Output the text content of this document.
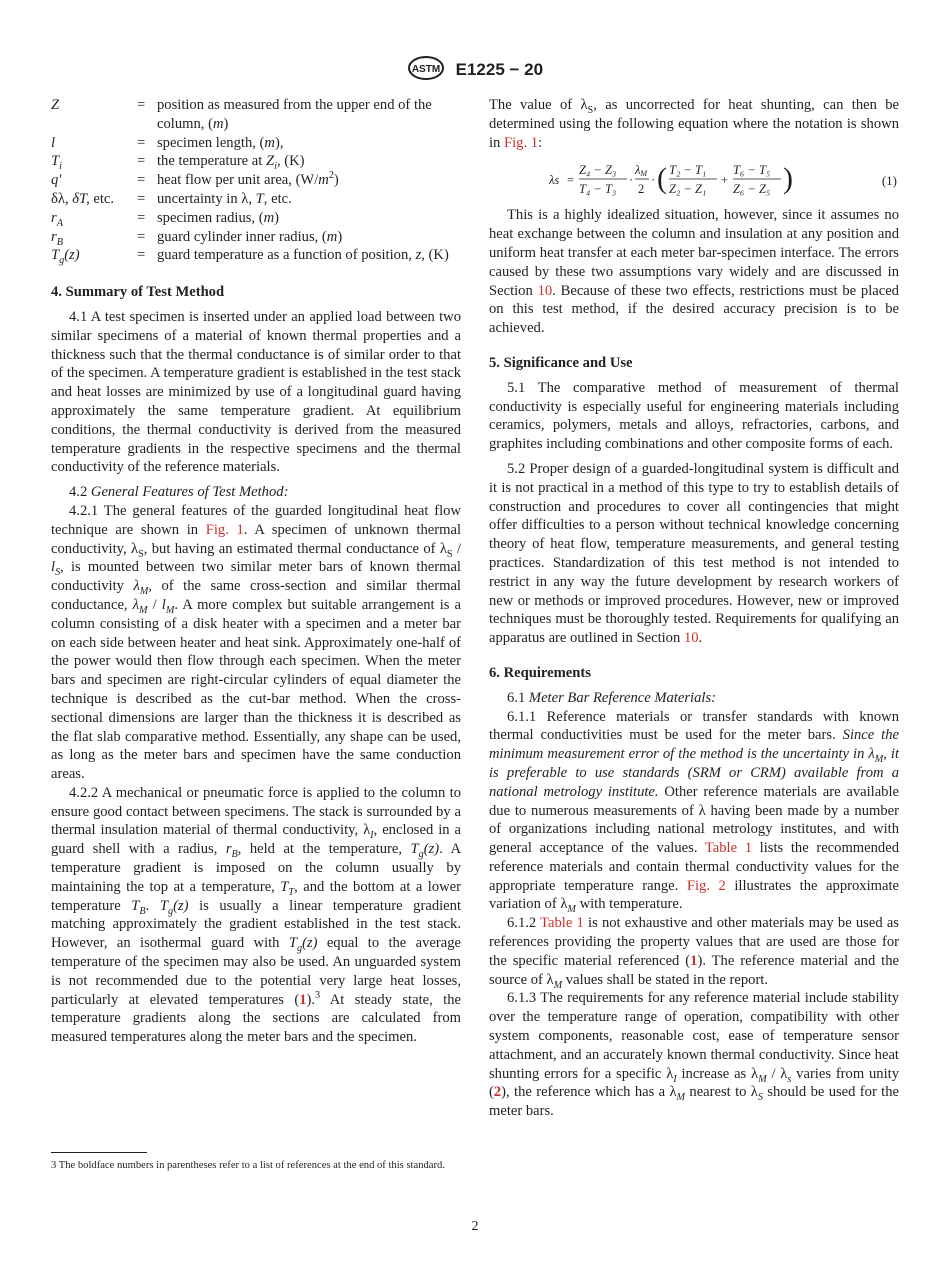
ASTM E1225 − 20
Z	=	position as measured from the upper end of the column, (m)
l	=	specimen length, (m),
$T_i$	=	the temperature at $Z_i$, (K)
q′	=	heat flow per unit area, $(W/m^2)$
δλ, δT, etc.	=	uncertainty in λ, T, etc.
$r_A$	=	specimen radius, (m)
$r_B$	=	guard cylinder inner radius, (m)
$T_g(z)$	=	guard temperature as a function of position, z, (K)

4. Summary of Test Method

4.1 A test specimen is inserted under an applied load between two similar specimens of a material of known thermal properties and a thickness such that the thermal conductance is of similar order to that of the specimen. A temperature gradient is established in the test stack and heat losses are minimized by use of a longitudinal guard having approximately the same temperature gradient. At equilibrium conditions, the thermal conductivity is derived from the measured temperature gradients in the respective specimens and the thermal conductivity of the reference materials.

4.2 General Features of Test Method:

4.2.1 The general features of the guarded longitudinal heat flow technique are shown in Fig. 1. A specimen of unknown thermal conductivity, $\lambda_S$, but having an estimated thermal conductance of $\lambda_S / l_S$, is mounted between two similar meter bars of known thermal conductivity $\lambda_M$, of the same cross-section and similar thermal conductance, $\lambda_M / l_M$. A more complex but suitable arrangement is a column consisting of a disk heater with a specimen and a meter bar on each side between heater and heat sink. Approximately one-half of the power would then flow through each specimen. When the meter bars and specimen are right-circular cylinders of equal diameter the technique is described as the cut-bar method. When the cross-sectional dimensions are larger than the thickness it is described as the flat slab comparative method. Essentially, any shape can be used, as long as the meter bars and specimen have the same conduction areas.

4.2.2 A mechanical or pneumatic force is applied to the column to ensure good contact between specimens. The stack is surrounded by a thermal insulation material of thermal conductivity, $\lambda_I$, enclosed in a guard shell with a radius, $r_B$, held at the temperature, $T_g(z)$. A temperature gradient is imposed on the column usually by maintaining the top at a temperature, $T_T$, and the bottom at a lower temperature $T_B$. $T_g(z)$ is usually a linear temperature gradient matching approximately the gradient established in the test stack. However, an isothermal guard with $T_g(z)$ equal to the average temperature of the specimen may also be used. An unguarded system is not recommended due to the potential very large heat losses, particularly at elevated temperatures (1).$^3$ At steady state, the temperature gradients along the sections are calculated from measured temperatures along the meter bars and the specimen.

The value of $\lambda_S$, as uncorrected for heat shunting, can then be determined using the following equation where the notation is shown in Fig. 1:

λs =
Z₄ − Z₃
T₄ − T₃
·
λM
2
· ( T₂ − T₁
Z₂ − Z₁
+
T₆ − T₅
Z₆ − Z₅ )	(1)

This is a highly idealized situation, however, since it assumes no heat exchange between the column and insulation at any position and uniform heat transfer at each meter bar-specimen interface. The errors caused by these two assumptions vary widely and are discussed in Section 10. Because of these two effects, restrictions must be placed on this test method, if the desired accuracy precision is to be achieved.

5. Significance and Use

5.1 The comparative method of measurement of thermal conductivity is especially useful for engineering materials including ceramics, polymers, metals and alloys, refractories, carbons, and graphites including combinations and other composite forms of each.

5.2 Proper design of a guarded-longitudinal system is difficult and it is not practical in a method of this type to try to establish details of construction and procedures to cover all contingencies that might offer difficulties to a person without technical knowledge concerning theory of heat flow, temperature measurements, and general testing practices. Standardization of this test method is not intended to restrict in any way the future development by research workers of new or methods or improved procedures. However, new or improved techniques must be thoroughly tested. Requirements for qualifying an apparatus are outlined in Section 10.

6. Requirements

6.1 Meter Bar Reference Materials:

6.1.1 Reference materials or transfer standards with known thermal conductivities must be used for the meter bars. Since the minimum measurement error of the method is the uncertainty in $\lambda_M$, it is preferable to use standards (SRM or CRM) available from a national metrology institute. Other reference materials are available due to numerous measurements of λ having been made by a number of organizations including national metrology institutes, and with general acceptance of the values. Table 1 lists the recommended reference materials and contain thermal conductivity values for the appropriate temperature range. Fig. 2 illustrates the approximate variation of $\lambda_M$ with temperature.

6.1.2 Table 1 is not exhaustive and other materials may be used as references providing the property values that are used are those for the specific material referenced (1). The reference material and the source of $\lambda_M$ values shall be stated in the report.

6.1.3 The requirements for any reference material include stability over the temperature range of operation, compatibility with other system components, reasonable cost, ease of temperature sensor attachment, and an accurately known thermal conductivity. Since heat shunting errors for a specific $\lambda_I$ increase as $\lambda_M / \lambda_s$ varies from unity (2), the reference which has a $\lambda_M$ nearest to $\lambda_S$ should be used for the meter bars.

3 The boldface numbers in parentheses refer to a list of references at the end of this standard.
2
